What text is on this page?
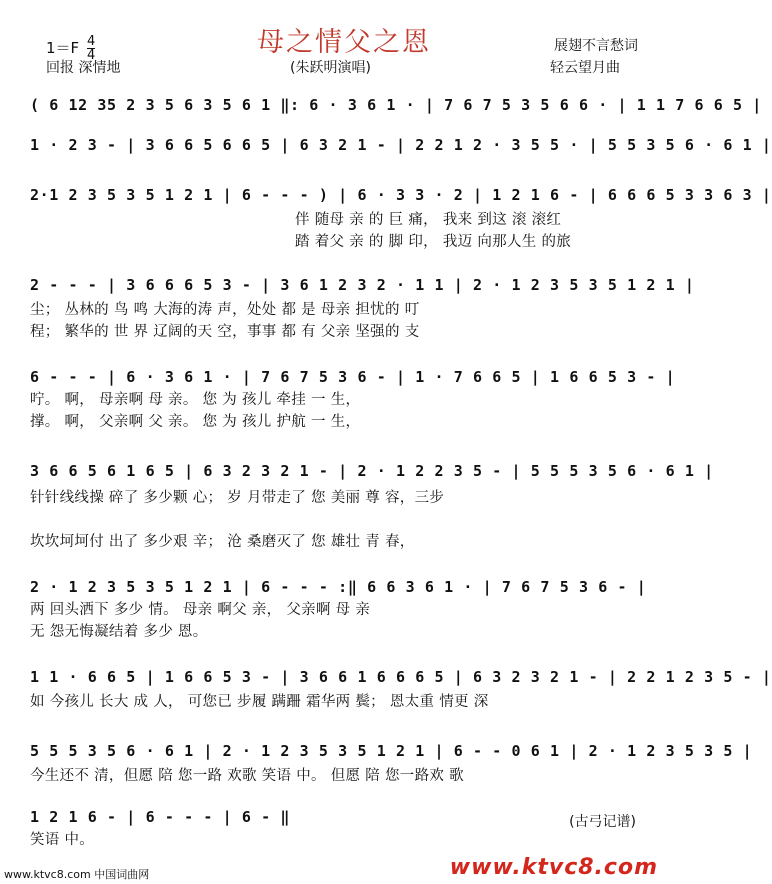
母之情父之恩
$1=F \frac{4}{4}$
回报 深情地	(朱跃明演唱)
展翅不言愁词
轻云望月曲
( 6 12 35 2 3 5 6 3 5 6 1 ‖: 6 · 3 6 1 · | 7 6 7 5 3 5 6 6 · | 1 1 7 6 6 5 |
1 · 2 3 - | 3 6 6 5 6 6 5 | 6 3 2 1 - | 2 2 1 2 · 3 5 5 · | 5 5 3 5 6 · 6 1 |
2·1 2 3 5 3 5 1 2 1 | 6 - - - ) | 6 · 3 3 · 2 | 1 2 1 6 - | 6 6 6 5 3 3 6 3 |
伴 随母 亲 的 巨 痛， 我来 到这 滚 滚红
踏 着父 亲 的 脚 印， 我迈 向那人生 的旅
2 - - - | 3 6 6 6 5 3 - | 3 6 1 2 3 2 · 1 1 | 2 · 1 2 3 5 3 5 1 2 1 |
尘； 丛林的 鸟 鸣 大海的涛 声，处处 都 是 母亲 担忧的 叮
程； 繁华的 世 界 辽阔的天 空，事事 都 有 父亲 坚强的 支
6 - - - | 6 · 3 6 1 · | 7 6 7 5 3 6 - | 1 · 7 6 6 5 | 1 6 6 5 3 - |
咛。 啊， 母亲啊 母 亲。 您 为 孩儿 牵挂 一 生，
撑。 啊， 父亲啊 父 亲。 您 为 孩儿 护航 一 生，
3 6 6 5 6 1 6 5 | 6 3 2 3 2 1 - | 2 · 1 2 2 3 5 - | 5 5 5 3 5 6 · 6 1 |
针针线线操 碎了 多少颗 心； 岁 月带走了 您 美丽 尊 容，三步
坎坎坷坷付 出了 多少艰 辛； 沧 桑磨灭了 您 雄壮 青 春，
2 · 1 2 3 5 3 5 1 2 1 | 6 - - - :‖ 6 6 3 6 1 · | 7 6 7 5 3 6 - |
两 回头洒下 多少 情。 母亲 啊父 亲， 父亲啊 母 亲
无 怨无悔凝结着 多少 恩。
1 1 · 6 6 5 | 1 6 6 5 3 - | 3 6 6 1 6 6 6 5 | 6 3 2 3 2 1 - | 2 2 1 2 3 5 - |
如 今孩儿 长大 成 人， 可您已 步履 蹒跚 霜华两 鬓； 恩太重 情更 深
5 5 5 3 5 6 · 6 1 | 2 · 1 2 3 5 3 5 1 2 1 | 6 - - 0 6 1 | 2 · 1 2 3 5 3 5 |
今生还不 清，但愿 陪 您一路 欢歌 笑语 中。 但愿 陪 您一路欢 歌
1 2 1 6 - | 6 - - - | 6 - ‖
笑语 中。
(古弓记谱)
www.ktvc8.com 中国词曲网	www.ktvc8.com
